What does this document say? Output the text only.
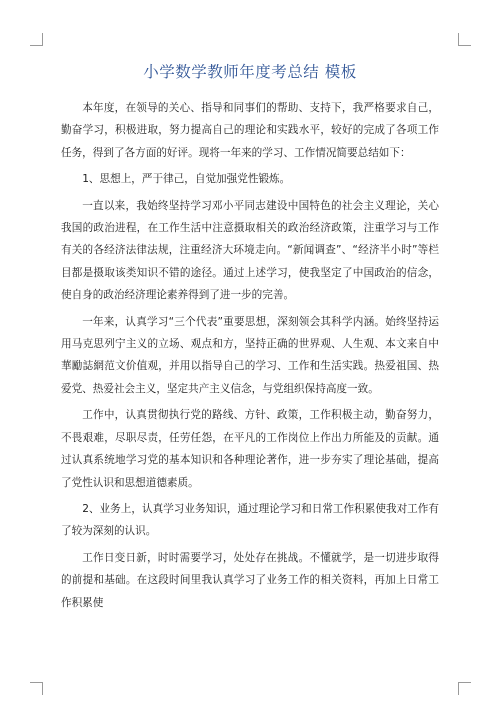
小学数学教师年度考总结 模板

本年度，在领导的关心、指导和同事们的帮助、支持下，我严格要求自己，勤奋学习，积极进取，努力提高自己的理论和实践水平，较好的完成了各项工作任务，得到了各方面的好评。现将一年来的学习、工作情况简要总结如下：

1、思想上，严于律己，自觉加强党性锻炼。

一直以来，我始终坚持学习邓小平同志建设中国特色的社会主义理论，关心我国的政治进程，在工作生活中注意摄取相关的政治经济政策，注重学习与工作有关的各经济法律法规，注重经济大环境走向。“新闻调查”、“经济半小时”等栏目都是摄取该类知识不错的途径。通过上述学习，使我坚定了中国政治的信念，使自身的政治经济理论素养得到了进一步的完善。

一年来，认真学习“三个代表”重要思想，深刻领会其科学内涵。始终坚持运用马克思列宁主义的立场、观点和方，坚持正确的世界观、人生观、本文来自中華勵誌網范文价值观，并用以指导自己的学习、工作和生活实践。热爱祖国、热爱党、热爱社会主义，坚定共产主义信念，与党组织保持高度一致。

工作中，认真贯彻执行党的路线、方针、政策，工作积极主动，勤奋努力，不畏艰难，尽职尽责，任劳任怨，在平凡的工作岗位上作出力所能及的贡献。通过认真系统地学习党的基本知识和各种理论著作，进一步夯实了理论基础，提高了党性认识和思想道德素质。

2、业务上，认真学习业务知识，通过理论学习和日常工作积累使我对工作有了较为深刻的认识。

工作日变日新，时时需要学习，处处存在挑战。不懂就学，是一切进步取得的前提和基础。在这段时间里我认真学习了业务工作的相关资料，再加上日常工作积累使
